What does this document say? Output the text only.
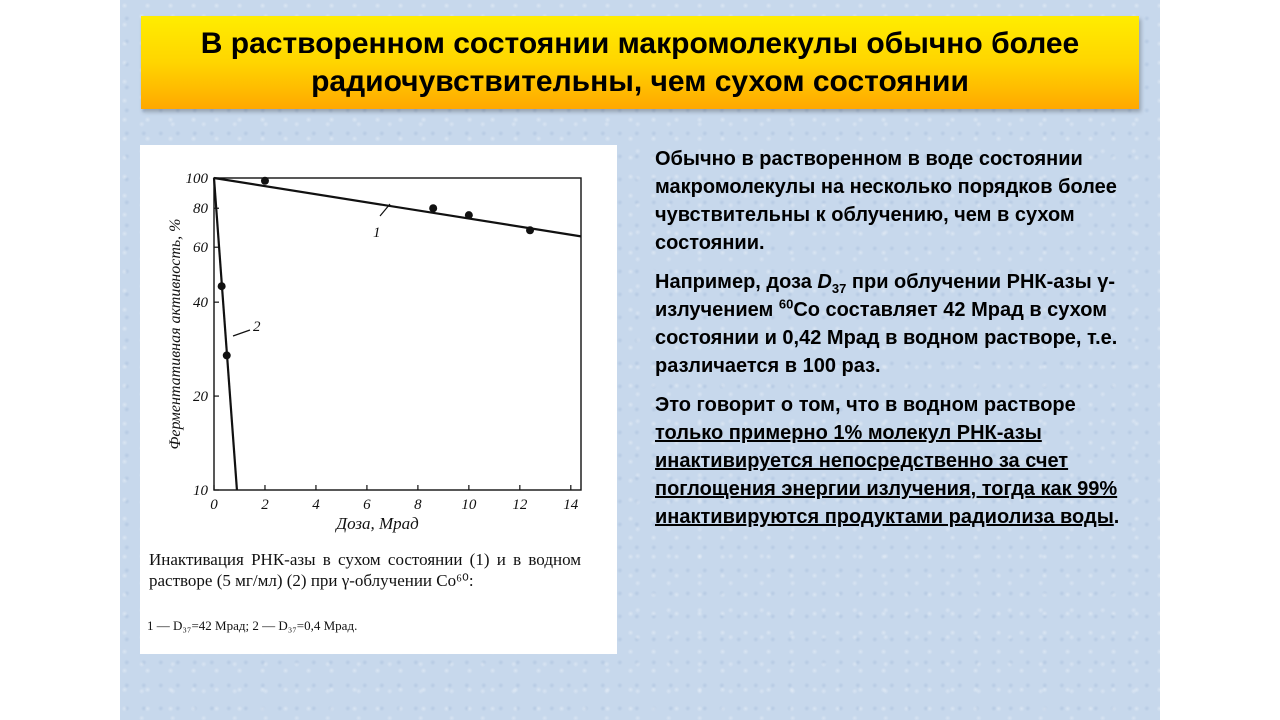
В растворенном состоянии макромолекулы обычно более радиочувствительны, чем сухом состоянии

0	2	4	6	8	10 12 14
10
20
40
60
80
100
Доза, Мрад
Ферментативная активность, %	1
2
Инактивация РНК-азы в сухом состоянии (1) и в водном растворе (5 мг/мл) (2) при γ-облучении Co⁶⁰:
1 — D₃₇=42 Мрад; 2 — D₃₇=0,4 Мрад.

Обычно в растворенном в воде состоянии макромолекулы на несколько порядков более чувствительны к облучению, чем в сухом состоянии.

Например, доза $D_{37}$ при облучении РНК-азы γ-излучением $^{60}$Co составляет 42 Мрад в сухом состоянии и 0,42 Мрад в водном растворе, т.е. различается в 100 раз.

Это говорит о том, что в водном растворе только примерно 1% молекул РНК-азы инактивируется непосредственно за счет поглощения энергии излучения, тогда как 99% инактивируются продуктами радиолиза воды.
